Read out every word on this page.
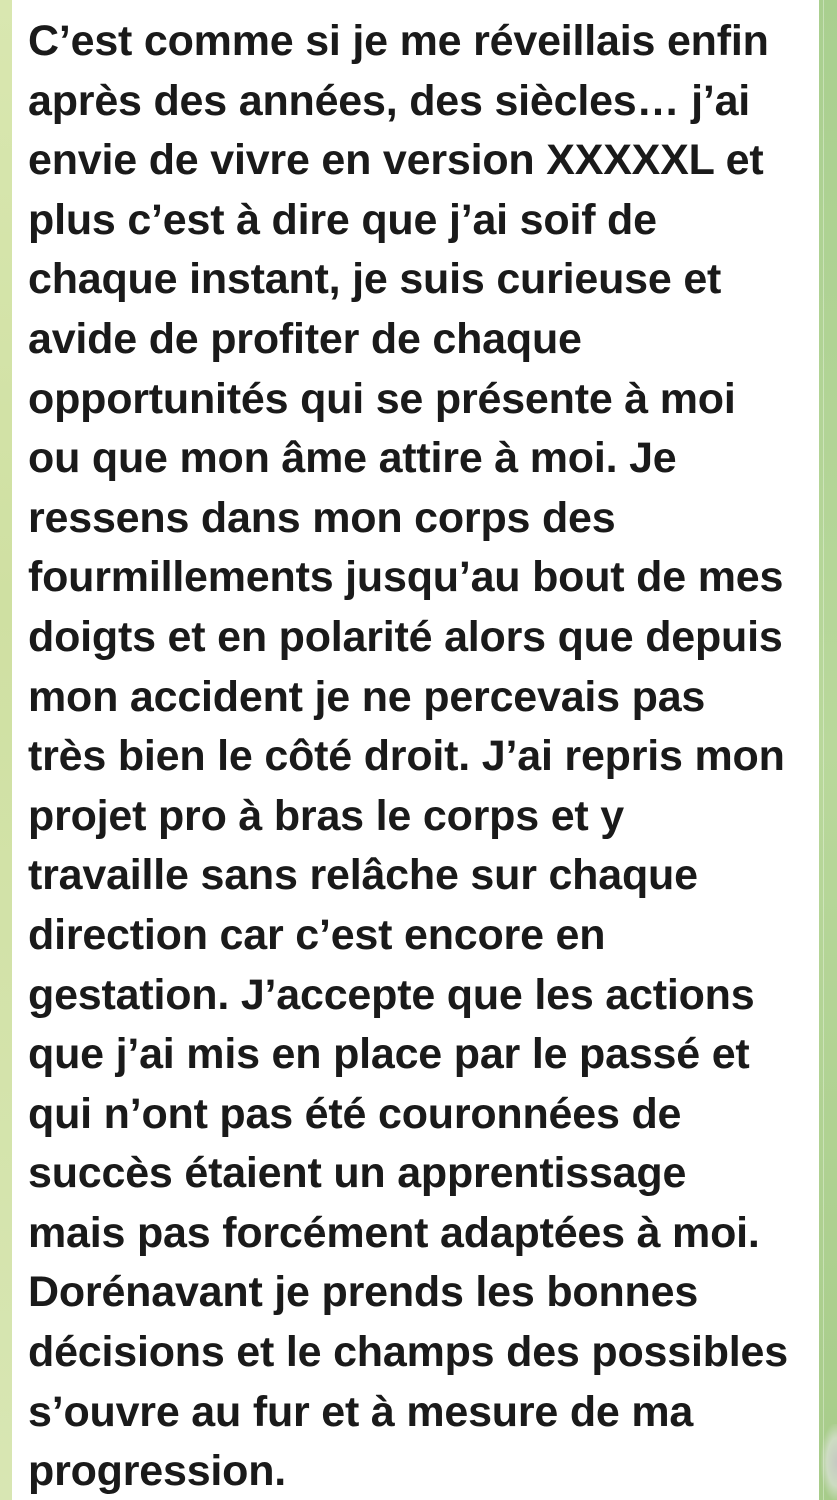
C’est comme si je me réveillais enfin
après des années, des siècles… j’ai
envie de vivre en version XXXXXL et
plus c’est à dire que j’ai soif de
chaque instant, je suis curieuse et
avide de profiter de chaque
opportunités qui se présente à moi
ou que mon âme attire à moi. Je
ressens dans mon corps des
fourmillements jusqu’au bout de mes
doigts et en polarité alors que depuis
mon accident je ne percevais pas
très bien le côté droit. J’ai repris mon
projet pro à bras le corps et y
travaille sans relâche sur chaque
direction car c’est encore en
gestation. J’accepte que les actions
que j’ai mis en place par le passé et
qui n’ont pas été couronnées de
succès étaient un apprentissage
mais pas forcément adaptées à moi.
Dorénavant je prends les bonnes
décisions et le champs des possibles
s’ouvre au fur et à mesure de ma
progression.
